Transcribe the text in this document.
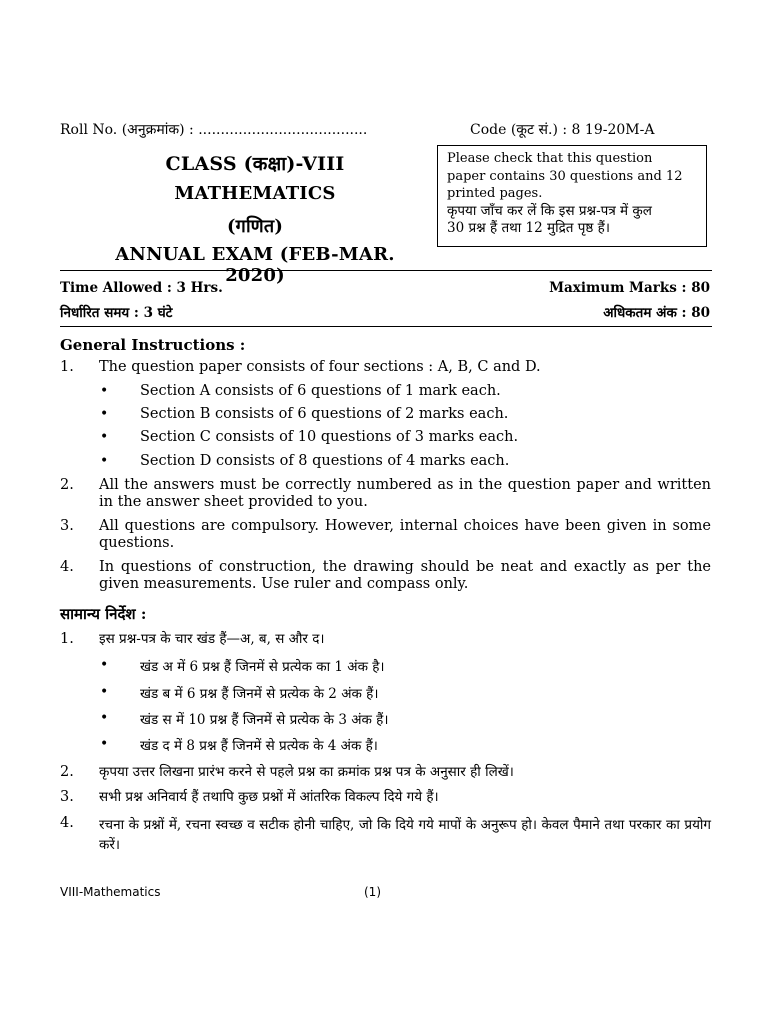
Roll No. (अनुक्रमांक) : ......................................	Code (कूट सं.) : 8 19-20M-A
CLASS (कक्षा)-VIII
MATHEMATICS
(गणित)
ANNUAL EXAM (FEB-MAR. 2020)
Please check that this question
paper contains 30 questions and 12
printed pages.
कृपया जाँच कर लें कि इस प्रश्न-पत्र में कुल
30 प्रश्न हैं तथा 12 मुद्रित पृष्ठ हैं।
Time Allowed : 3 Hrs.	Maximum Marks : 80
निर्धारित समय : 3 घंटे	अधिकतम अंक : 80
General Instructions :
1. The question paper consists of four sections : A, B, C and D.
• Section A consists of 6 questions of 1 mark each.
• Section B consists of 6 questions of 2 marks each.
• Section C consists of 10 questions of 3 marks each.
• Section D consists of 8 questions of 4 marks each.
2. All the answers must be correctly numbered as in the question paper and written in the answer sheet provided to you.
3. All questions are compulsory. However, internal choices have been given in some questions.
4. In questions of construction, the drawing should be neat and exactly as per the given measurements. Use ruler and compass only.
सामान्य निर्देश :
1. इस प्रश्न-पत्र के चार खंड हैं—अ, ब, स और द।
• खंड अ में 6 प्रश्न हैं जिनमें से प्रत्येक का 1 अंक है।
• खंड ब में 6 प्रश्न हैं जिनमें से प्रत्येक के 2 अंक हैं।
• खंड स में 10 प्रश्न हैं जिनमें से प्रत्येक के 3 अंक हैं।
• खंड द में 8 प्रश्न हैं जिनमें से प्रत्येक के 4 अंक हैं।
2. कृपया उत्तर लिखना प्रारंभ करने से पहले प्रश्न का क्रमांक प्रश्न पत्र के अनुसार ही लिखें।
3. सभी प्रश्न अनिवार्य हैं तथापि कुछ प्रश्नों में आंतरिक विकल्प दिये गये हैं।
4. रचना के प्रश्नों में, रचना स्वच्छ व सटीक होनी चाहिए, जो कि दिये गये मापों के अनुरूप हो। केवल पैमाने तथा परकार का प्रयोग करें।
VIII-Mathematics	(1)
